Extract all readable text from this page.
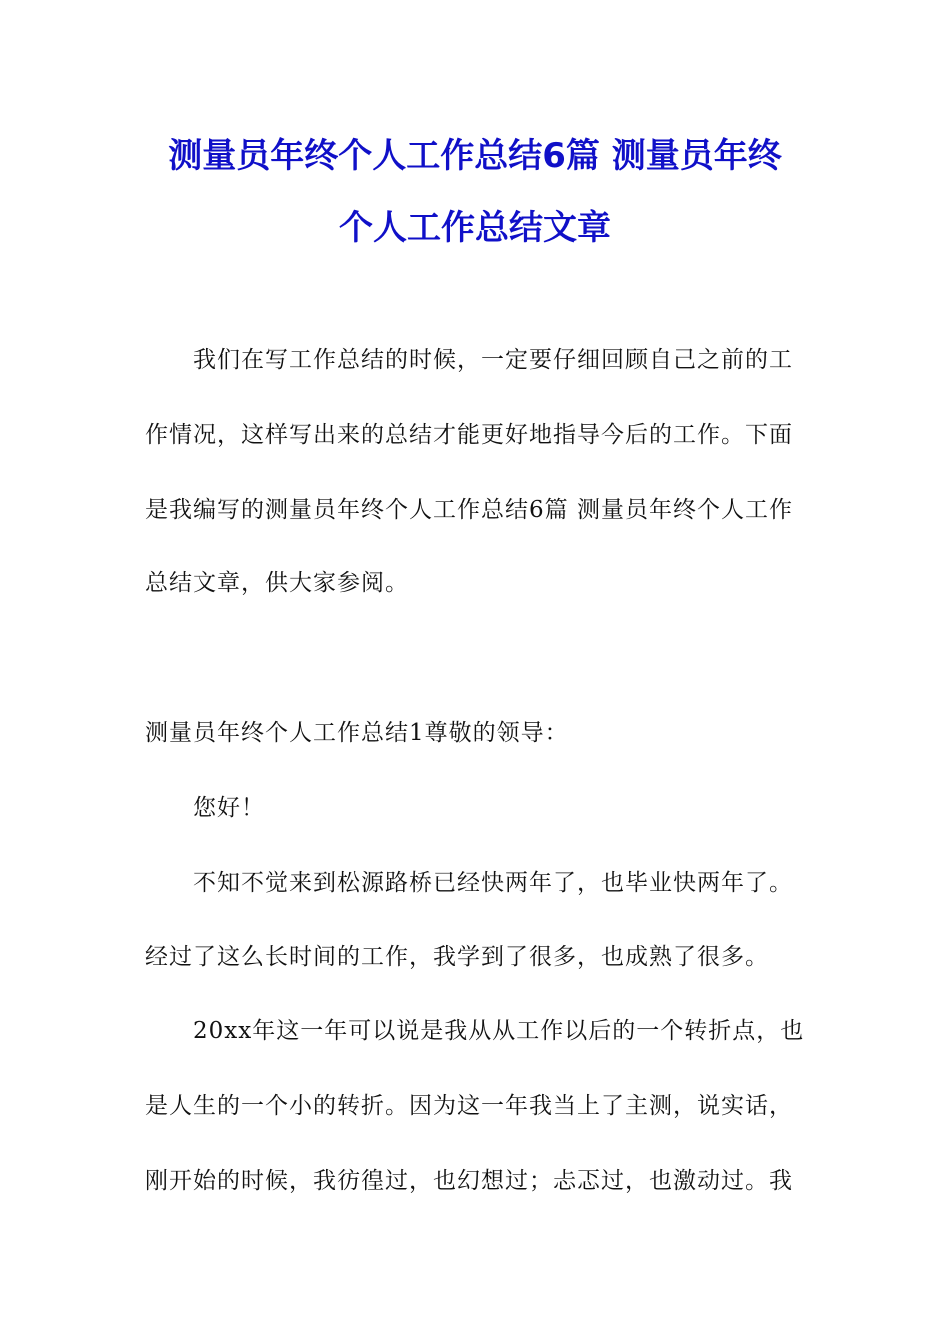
测量员年终个人工作总结6篇 测量员年终
个人工作总结文章
我们在写工作总结的时候，一定要仔细回顾自己之前的工
作情况，这样写出来的总结才能更好地指导今后的工作。下面
是我编写的测量员年终个人工作总结6篇 测量员年终个人工作
总结文章，供大家参阅。
测量员年终个人工作总结1尊敬的领导：
您好！
不知不觉来到松源路桥已经快两年了，也毕业快两年了。
经过了这么长时间的工作，我学到了很多，也成熟了很多。
20xx年这一年可以说是我从从工作以后的一个转折点，也
是人生的一个小的转折。因为这一年我当上了主测，说实话，
刚开始的时候，我彷徨过，也幻想过；忐忑过，也激动过。我
